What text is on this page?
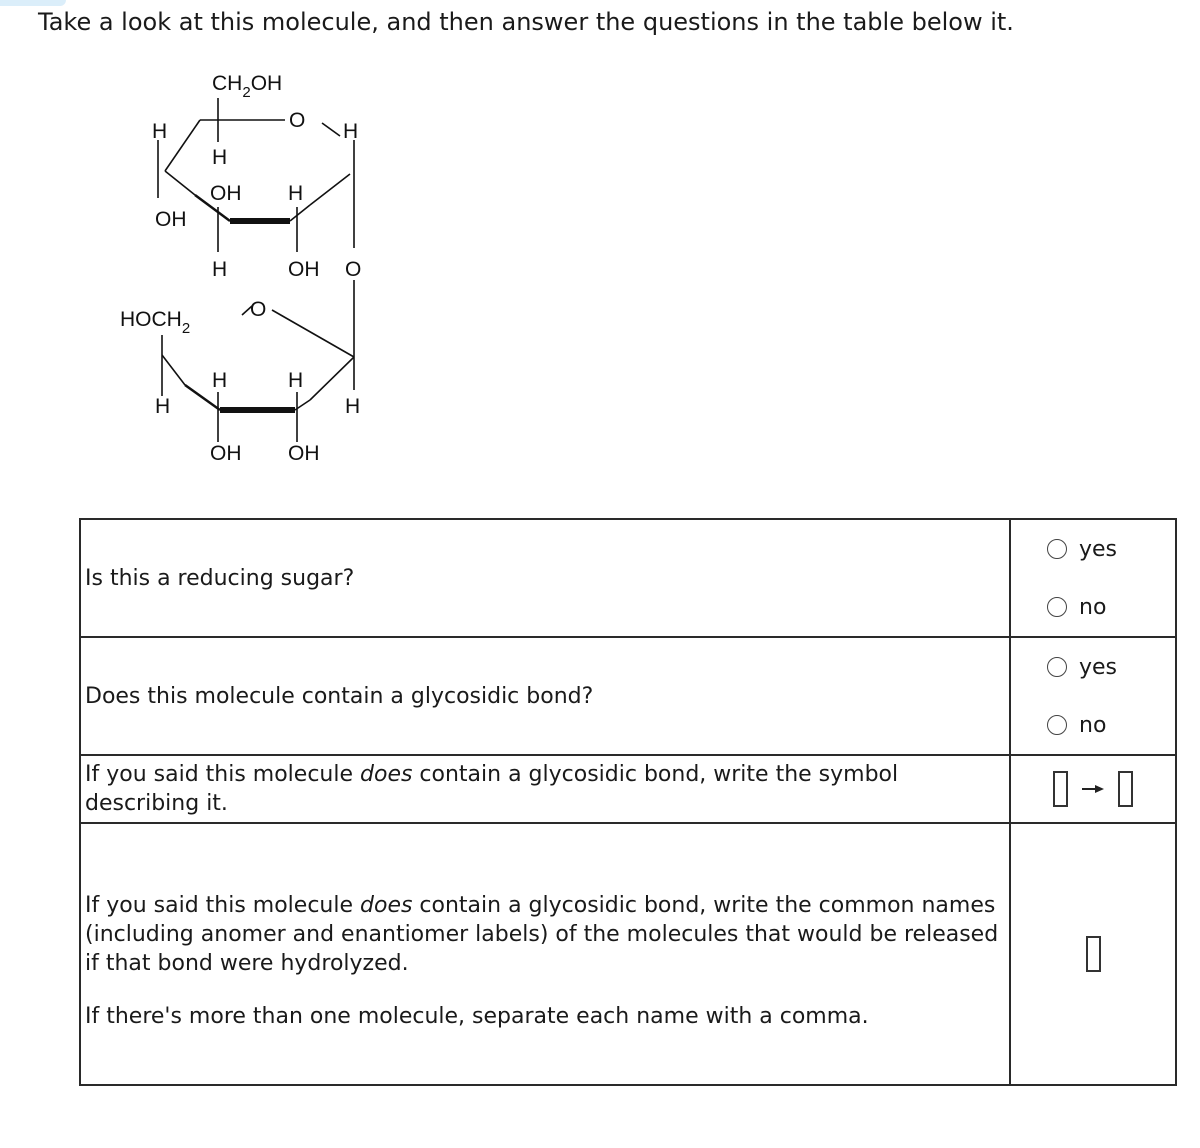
Take a look at this molecule, and then answer the questions in the table below it.

$CH_2OH$
H	O H
H
OH H
OH
H	OH O
$HOCH_2$
O
H	H
H	H
OH OH
Is this a reducing sugar?	yes
no

Does this molecule contain a glycosidic bond?	yes
no

If you said this molecule does contain a glycosidic bond, write the symbol describing it.

If you said this molecule does contain a glycosidic bond, write the common names (including anomer and enantiomer labels) of the molecules that would be released if that bond were hydrolyzed.

If there's more than one molecule, separate each name with a comma.	
